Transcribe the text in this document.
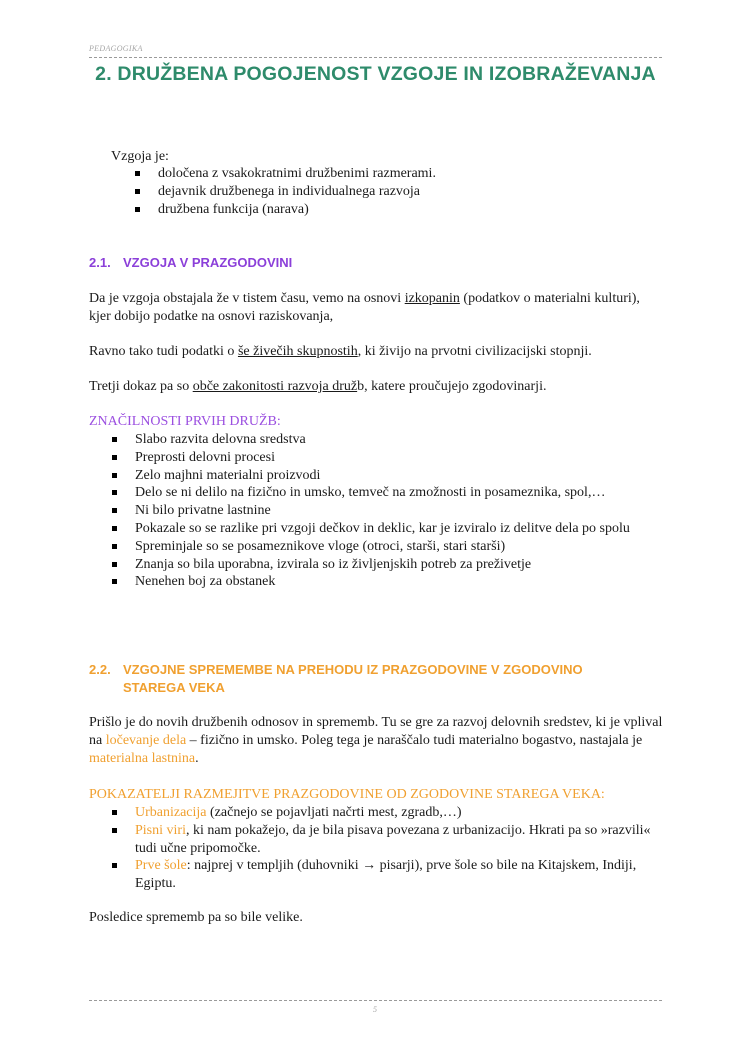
PEDAGOGIKA
2. DRUŽBENA POGOJENOST VZGOJE IN IZOBRAŽEVANJA
Vzgoja je:
določena z vsakokratnimi družbenimi razmerami.
dejavnik družbenega in individualnega razvoja
družbena funkcija (narava)
2.1. VZGOJA V PRAZGODOVINI

Da je vzgoja obstajala že v tistem času, vemo na osnovi izkopanin (podatkov o materialni kulturi), kjer dobijo podatke na osnovi raziskovanja,

Ravno tako tudi podatki o še živečih skupnostih, ki živijo na prvotni civilizacijski stopnji.

Tretji dokaz pa so obče zakonitosti razvoja družb, katere proučujejo zgodovinarji.

ZNAČILNOSTI PRVIH DRUŽB:
Slabo razvita delovna sredstva
Preprosti delovni procesi
Zelo majhni materialni proizvodi
Delo se ni delilo na fizično in umsko, temveč na zmožnosti in posameznika, spol,…
Ni bilo privatne lastnine
Pokazale so se razlike pri vzgoji dečkov in deklic, kar je izviralo iz delitve dela po spolu
Spreminjale so se posameznikove vloge (otroci, starši, stari starši)
Znanja so bila uporabna, izvirala so iz življenjskih potreb za preživetje
Nenehen boj za obstanek
2.2. VZGOJNE SPREMEMBE NA PREHODU IZ PRAZGODOVINE V ZGODOVINO
STAREGA VEKA

Prišlo je do novih družbenih odnosov in sprememb. Tu se gre za razvoj delovnih sredstev, ki je vplival na ločevanje dela – fizično in umsko. Poleg tega je naraščalo tudi materialno bogastvo, nastajala je materialna lastnina.

POKAZATELJI RAZMEJITVE PRAZGODOVINE OD ZGODOVINE STAREGA VEKA:
Urbanizacija (začnejo se pojavljati načrti mest, zgradb,…)
Pisni viri, ki nam pokažejo, da je bila pisava povezana z urbanizacijo. Hkrati pa so »razvili« tudi učne pripomočke.
Prve šole: najprej v templjih (duhovniki → pisarji), prve šole so bile na Kitajskem, Indiji, Egiptu.

Posledice sprememb pa so bile velike.

5
